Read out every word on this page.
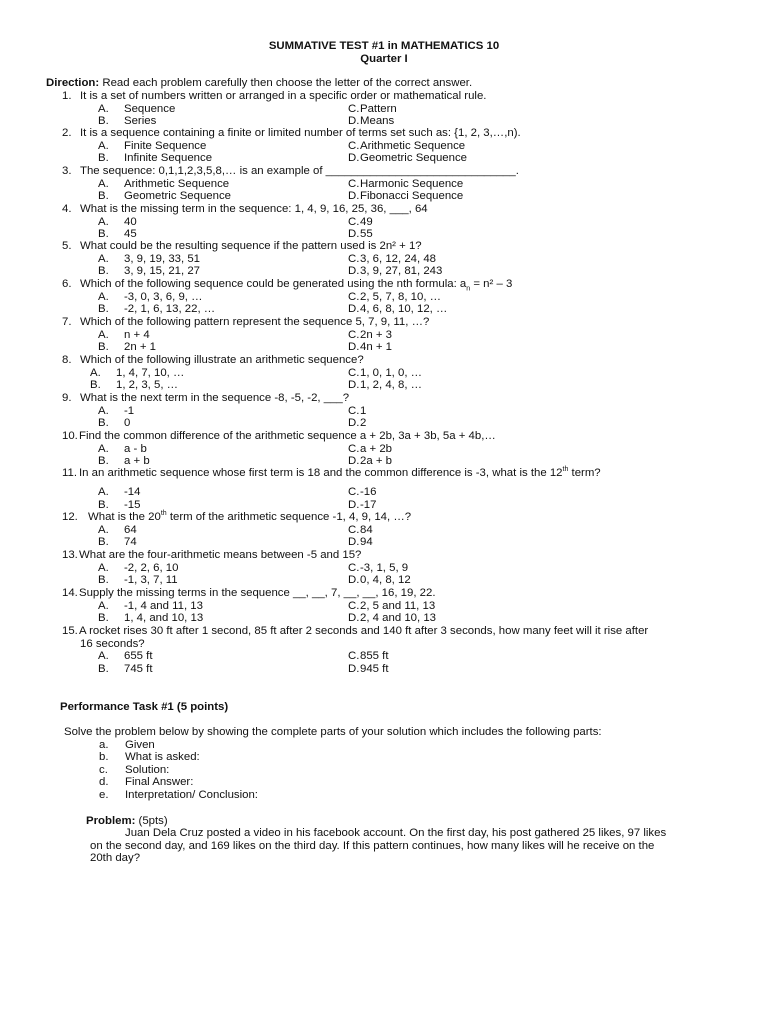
SUMMATIVE TEST #1 in MATHEMATICS 10
Quarter I
Direction: Read each problem carefully then choose the letter of the correct answer.
1. It is a set of numbers written or arranged in a specific order or mathematical rule.
A. Sequence	C.Pattern
B. Series	D.Means
2. It is a sequence containing a finite or limited number of terms set such as: {1, 2, 3,…,n).
A. Finite Sequence	C.Arithmetic Sequence
B. Infinite Sequence	D.Geometric Sequence
3. The sequence: 0,1,1,2,3,5,8,… is an example of ______________________________.
A. Arithmetic Sequence	C.Harmonic Sequence
B. Geometric Sequence	D.Fibonacci Sequence
4. What is the missing term in the sequence: 1, 4, 9, 16, 25, 36, ___, 64
A. 40	C.49
B. 45	D.55
5. What could be the resulting sequence if the pattern used is 2n² + 1?
A. 3, 9, 19, 33, 51	C.3, 6, 12, 24, 48
B. 3, 9, 15, 21, 27	D.3, 9, 27, 81, 243
6. Which of the following sequence could be generated using the nth formula: $a_n = n^2 - 3$
A. -3, 0, 3, 6, 9, …	C.2, 5, 7, 8, 10, …
B. -2, 1, 6, 13, 22, …	D.4, 6, 8, 10, 12, …
7. Which of the following pattern represent the sequence 5, 7, 9, 11, …?
A. n + 4	C.2n + 3
B. 2n + 1	D.4n + 1
8. Which of the following illustrate an arithmetic sequence?
A. 1, 4, 7, 10, …	C.1, 0, 1, 0, …
B. 1, 2, 3, 5, …	D.1, 2, 4, 8, …
9. What is the next term in the sequence -8, -5, -2, ___?
A. -1	C.1
B. 0	D.2
10. Find the common difference of the arithmetic sequence a + 2b, 3a + 3b, 5a + 4b,…
A. a - b	C.a + 2b
B. a + b	D.2a + b
11. In an arithmetic sequence whose first term is 18 and the common difference is -3, what is the 12th term?
A. -14	C.-16
B. -15	D.-17
12. What is the 20th term of the arithmetic sequence -1, 4, 9, 14, …?
A. 64	C.84
B. 74	D.94
13. What are the four-arithmetic means between -5 and 15?
A. -2, 2, 6, 10	C.-3, 1, 5, 9
B. -1, 3, 7, 11	D.0, 4, 8, 12
14. Supply the missing terms in the sequence __, __, 7, __, __, 16, 19, 22.
A. -1, 4 and 11, 13	C.2, 5 and 11, 13
B. 1, 4, and 10, 13	D.2, 4 and 10, 13
15. A rocket rises 30 ft after 1 second, 85 ft after 2 seconds and 140 ft after 3 seconds, how many feet will it rise after
16 seconds?
A. 655 ft	C.855 ft
B. 745 ft	D.945 ft
Performance Task #1 (5 points)
Solve the problem below by showing the complete parts of your solution which includes the following parts:
a. Given
b. What is asked:
c. Solution:
d. Final Answer:
e. Interpretation/ Conclusion:
Problem: (5pts)
Juan Dela Cruz posted a video in his facebook account. On the first day, his post gathered 25 likes, 97 likes
on the second day, and 169 likes on the third day. If this pattern continues, how many likes will he receive on the
20th day?
